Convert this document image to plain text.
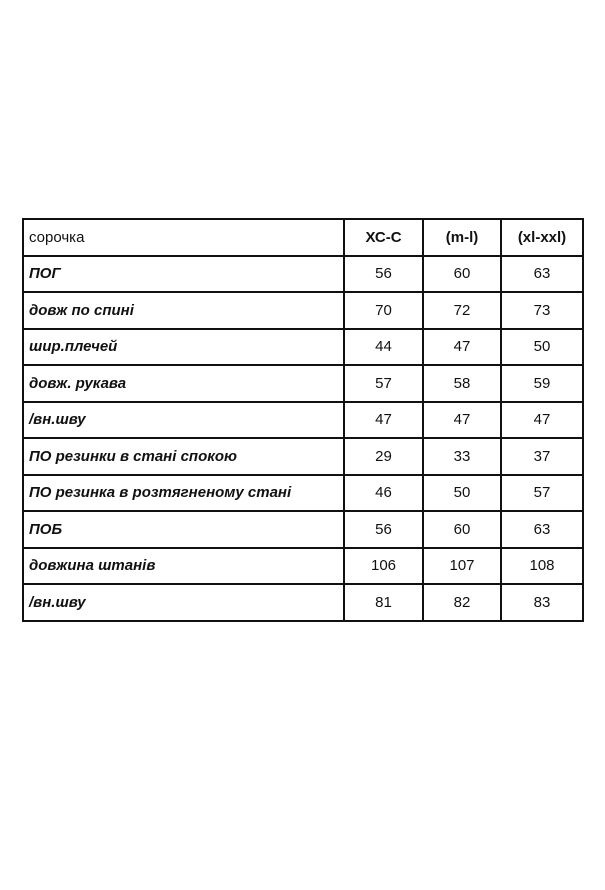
сорочка	ХС-С	(m-l)	(xl-xxl)
ПОГ	56	60	63
довж по спині	70	72	73
шир.плечей	44	47	50
довж. рукава	57	58	59
/вн.шву	47	47	47
ПО резинки в стані спокою	29	33	37
ПО резинка в розтягненому стані	46	50	57
ПОБ	56	60	63
довжина штанів	106	107	108
/вн.шву	81	82	83
